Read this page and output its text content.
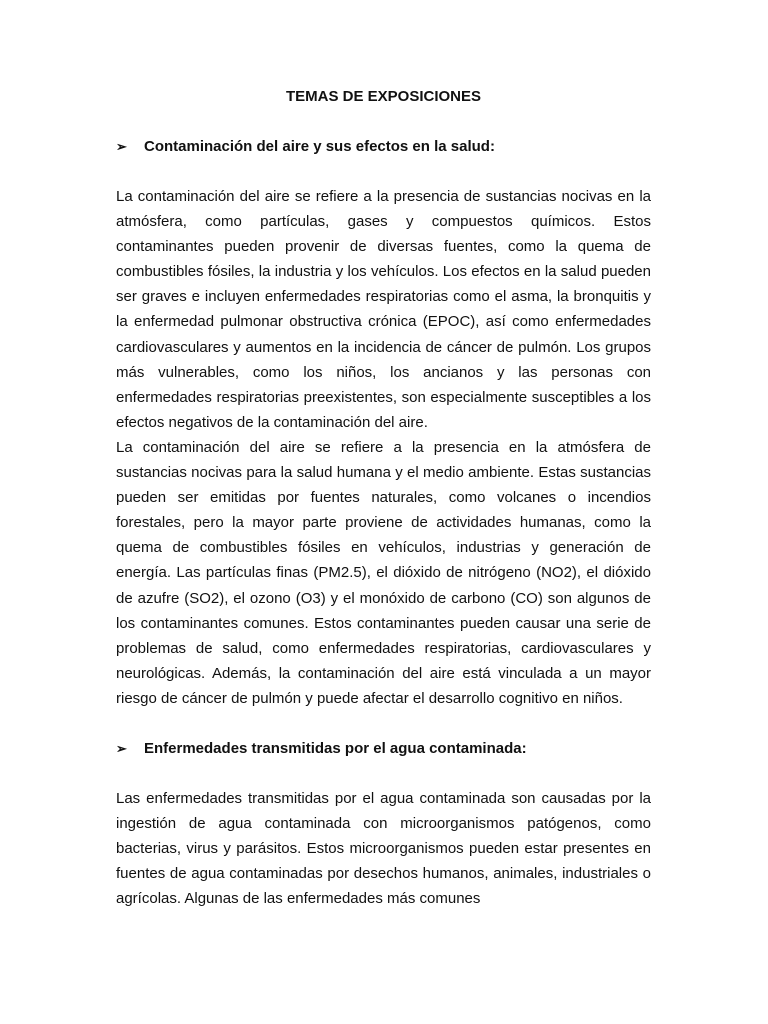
TEMAS DE EXPOSICIONES
➢	Contaminación del aire y sus efectos en la salud:

La contaminación del aire se refiere a la presencia de sustancias nocivas en la atmósfera, como partículas, gases y compuestos químicos. Estos contaminantes pueden provenir de diversas fuentes, como la quema de combustibles fósiles, la industria y los vehículos. Los efectos en la salud pueden ser graves e incluyen enfermedades respiratorias como el asma, la bronquitis y la enfermedad pulmonar obstructiva crónica (EPOC), así como enfermedades cardiovasculares y aumentos en la incidencia de cáncer de pulmón. Los grupos más vulnerables, como los niños, los ancianos y las personas con enfermedades respiratorias preexistentes, son especialmente susceptibles a los efectos negativos de la contaminación del aire.

La contaminación del aire se refiere a la presencia en la atmósfera de sustancias nocivas para la salud humana y el medio ambiente. Estas sustancias pueden ser emitidas por fuentes naturales, como volcanes o incendios forestales, pero la mayor parte proviene de actividades humanas, como la quema de combustibles fósiles en vehículos, industrias y generación de energía. Las partículas finas (PM2.5), el dióxido de nitrógeno (NO2), el dióxido de azufre (SO2), el ozono (O3) y el monóxido de carbono (CO) son algunos de los contaminantes comunes. Estos contaminantes pueden causar una serie de problemas de salud, como enfermedades respiratorias, cardiovasculares y neurológicas. Además, la contaminación del aire está vinculada a un mayor riesgo de cáncer de pulmón y puede afectar el desarrollo cognitivo en niños.

➢	Enfermedades transmitidas por el agua contaminada:

Las enfermedades transmitidas por el agua contaminada son causadas por la ingestión de agua contaminada con microorganismos patógenos, como bacterias, virus y parásitos. Estos microorganismos pueden estar presentes en fuentes de agua contaminadas por desechos humanos, animales, industriales o agrícolas. Algunas de las enfermedades más comunes
